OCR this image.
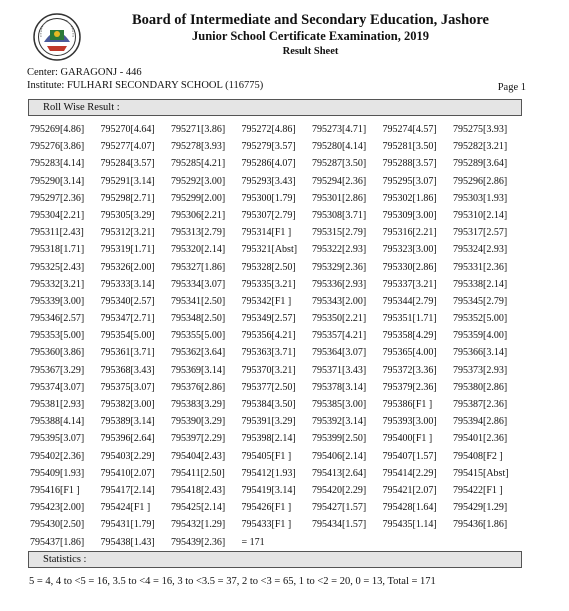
Board of Intermediate and Secondary Education, Jashore
Junior School Certificate Examination, 2019
Result Sheet
Center: GARAGONJ - 446
Institute: FULHARI SECONDARY SCHOOL (116775)	Page 1
Roll Wise Result :
795269[4.86]	795270[4.64]	795271[3.86]	795272[4.86]	795273[4.71]	795274[4.57]	795275[3.93]
795276[3.86]	795277[4.07]	795278[3.93]	795279[3.57]	795280[4.14]	795281[3.50]	795282[3.21]
795283[4.14]	795284[3.57]	795285[4.21]	795286[4.07]	795287[3.50]	795288[3.57]	795289[3.64]
795290[3.14]	795291[3.14]	795292[3.00]	795293[3.43]	795294[2.36]	795295[3.07]	795296[2.86]
795297[2.36]	795298[2.71]	795299[2.00]	795300[1.79]	795301[2.86]	795302[1.86]	795303[1.93]
795304[2.21]	795305[3.29]	795306[2.21]	795307[2.79]	795308[3.71]	795309[3.00]	795310[2.14]
795311[2.43]	795312[3.21]	795313[2.79]	795314[F1 ]	795315[2.79]	795316[2.21]	795317[2.57]
795318[1.71]	795319[1.71]	795320[2.14]	795321[Abst]	795322[2.93]	795323[3.00]	795324[2.93]
795325[2.43]	795326[2.00]	795327[1.86]	795328[2.50]	795329[2.36]	795330[2.86]	795331[2.36]
795332[3.21]	795333[3.14]	795334[3.07]	795335[3.21]	795336[2.93]	795337[3.21]	795338[2.14]
795339[3.00]	795340[2.57]	795341[2.50]	795342[F1 ]	795343[2.00]	795344[2.79]	795345[2.79]
795346[2.57]	795347[2.71]	795348[2.50]	795349[2.57]	795350[2.21]	795351[1.71]	795352[5.00]
795353[5.00]	795354[5.00]	795355[5.00]	795356[4.21]	795357[4.21]	795358[4.29]	795359[4.00]
795360[3.86]	795361[3.71]	795362[3.64]	795363[3.71]	795364[3.07]	795365[4.00]	795366[3.14]
795367[3.29]	795368[3.43]	795369[3.14]	795370[3.21]	795371[3.43]	795372[3.36]	795373[2.93]
795374[3.07]	795375[3.07]	795376[2.86]	795377[2.50]	795378[3.14]	795379[2.36]	795380[2.86]
795381[2.93]	795382[3.00]	795383[3.29]	795384[3.50]	795385[3.00]	795386[F1 ]	795387[2.36]
795388[4.14]	795389[3.14]	795390[3.29]	795391[3.29]	795392[3.14]	795393[3.00]	795394[2.86]
795395[3.07]	795396[2.64]	795397[2.29]	795398[2.14]	795399[2.50]	795400[F1 ]	795401[2.36]
795402[2.36]	795403[2.29]	795404[2.43]	795405[F1 ]	795406[2.14]	795407[1.57]	795408[F2 ]
795409[1.93]	795410[2.07]	795411[2.50]	795412[1.93]	795413[2.64]	795414[2.29]	795415[Abst]
795416[F1 ]	795417[2.14]	795418[2.43]	795419[3.14]	795420[2.29]	795421[2.07]	795422[F1 ]
795423[2.00]	795424[F1 ]	795425[2.14]	795426[F1 ]	795427[1.57]	795428[1.64]	795429[1.29]
795430[2.50]	795431[1.79]	795432[1.29]	795433[F1 ]	795434[1.57]	795435[1.14]	795436[1.86]
795437[1.86]	795438[1.43]	795439[2.36]	= 171
Statistics :
5 = 4, 4 to <5 = 16, 3.5 to <4 = 16, 3 to <3.5 = 37, 2 to <3 = 65, 1 to <2 = 20, 0 = 13, Total = 171
